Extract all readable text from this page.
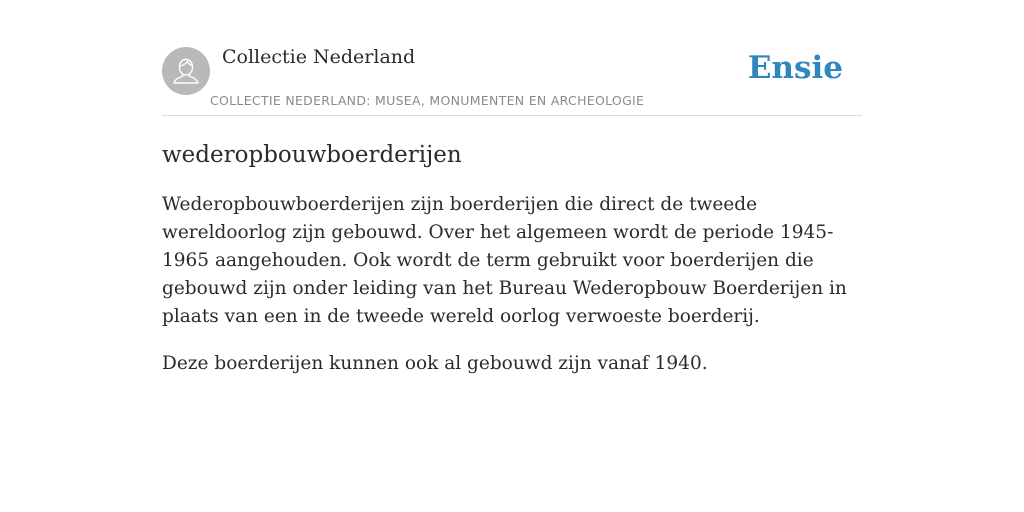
Collectie Nederland
COLLECTIE NEDERLAND: MUSEA, MONUMENTEN EN ARCHEOLOGIE
Ensie
wederopbouwboerderijen

Wederopbouwboerderijen zijn boerderijen die direct de tweede wereldoorlog zijn gebouwd. Over het algemeen wordt de periode 1945-1965 aangehouden. Ook wordt de term gebruikt voor boerderijen die gebouwd zijn onder leiding van het Bureau Wederopbouw Boerderijen in plaats van een in de tweede wereld oorlog verwoeste boerderij.

Deze boerderijen kunnen ook al gebouwd zijn vanaf 1940.
